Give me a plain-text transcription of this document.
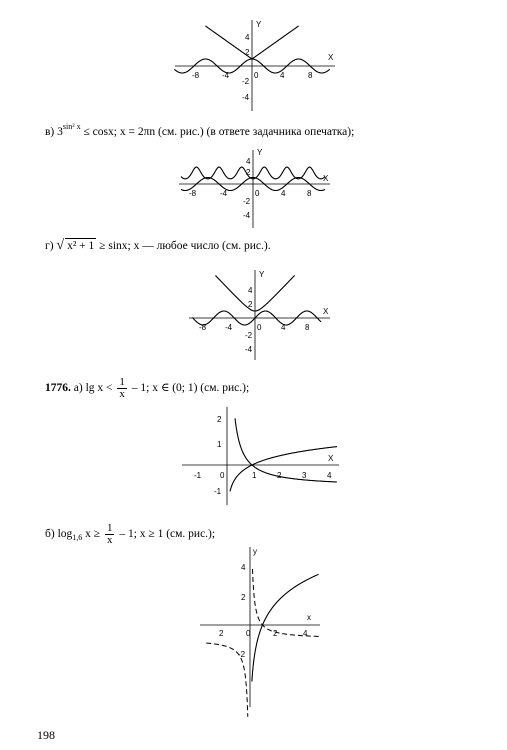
X
Y
-8	-4	0	4	8
4
2
-2
-4
в) $3^{sin^2 x} \le \cos x$; x = 2πn (см. рис.) (в ответе задачника опечатка);
X
Y
-8	-4	0	4	8
4
2
-2
-4
г) √ x² + 1 ≥ sinx; x — любое число (см. рис.).
X
Y
-8 -4	0 4 8
4
2
-2
-4
1776. а) $\lg x < \frac{1}{x} - 1$; x ∈ (0; 1) (см. рис.);
X
-1 0	1	2	3	4
2
1
-1
б) $\log_{1,6} x \ge \frac{1}{x} - 1$; x ≥ 1 (см. рис.);
x
y
2	0	2	4
4
2
-2
198
